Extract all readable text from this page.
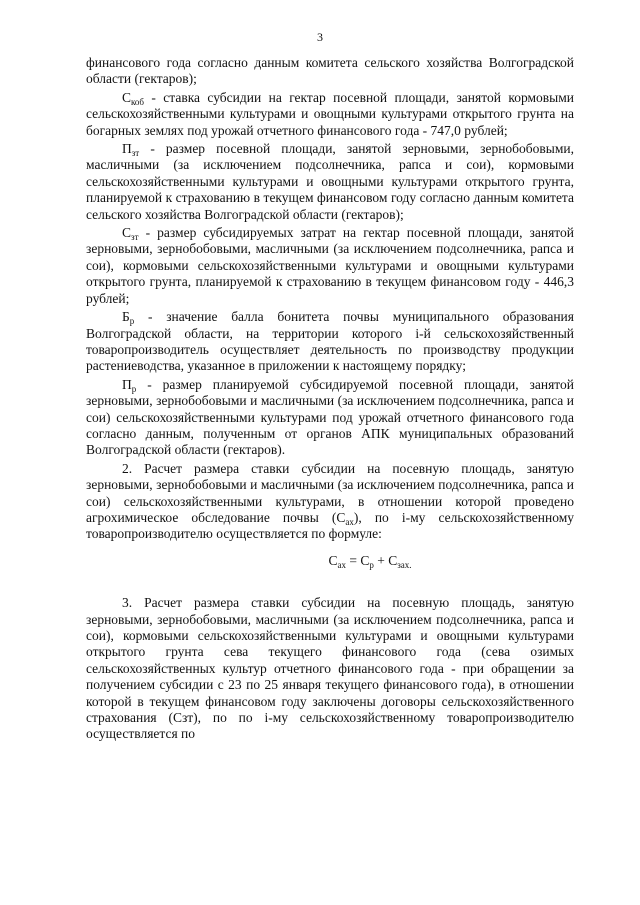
3

финансового года согласно данным комитета сельского хозяйства Волгоградской области (гектаров);

$С_{коб}$ - ставка субсидии на гектар посевной площади, занятой кормовыми сельскохозяйственными культурами и овощными культурами открытого грунта на богарных землях под урожай отчетного финансового года - 747,0 рублей;

$П_{зт}$ - размер посевной площади, занятой зерновыми, зернобобовыми, масличными (за исключением подсолнечника, рапса и сои), кормовыми сельскохозяйственными культурами и овощными культурами открытого грунта, планируемой к страхованию в текущем финансовом году согласно данным комитета сельского хозяйства Волгоградской области (гектаров);

$С_{зт}$ - размер субсидируемых затрат на гектар посевной площади, занятой зерновыми, зернобобовыми, масличными (за исключением подсолнечника, рапса и сои), кормовыми сельскохозяйственными культурами и овощными культурами открытого грунта, планируемой к страхованию в текущем финансовом году - 446,3 рублей;

$Б_р$ - значение балла бонитета почвы муниципального образования Волгоградской области, на территории которого i-й сельскохозяйственный товаропроизводитель осуществляет деятельность по производству продукции растениеводства, указанное в приложении к настоящему порядку;

$П_р$ - размер планируемой субсидируемой посевной площади, занятой зерновыми, зернобобовыми и масличными (за исключением подсолнечника, рапса и сои) сельскохозяйственными культурами под урожай отчетного финансового года согласно данным, полученным от органов АПК муниципальных образований Волгоградской области (гектаров).

2. Расчет размера ставки субсидии на посевную площадь, занятую зерновыми, зернобобовыми и масличными (за исключением подсолнечника, рапса и сои) сельскохозяйственными культурами, в отношении которой проведено агрохимическое обследование почвы $(С_{ах})$, по i-му сельскохозяйственному товаропроизводителю осуществляется по формуле:

$С_{ах} = С_р + С_{зах.}$

3. Расчет размера ставки субсидии на посевную площадь, занятую зерновыми, зернобобовыми, масличными (за исключением подсолнечника, рапса и сои), кормовыми сельскохозяйственными культурами и овощными культурами открытого грунта сева текущего финансового года (сева озимых сельскохозяйственных культур отчетного финансового года - при обращении за получением субсидии с 23 по 25 января текущего финансового года), в отношении которой в текущем финансовом году заключены договоры сельскохозяйственного страхования (Сзт), по по i-му сельскохозяйственному товаропроизводителю осуществляется по
